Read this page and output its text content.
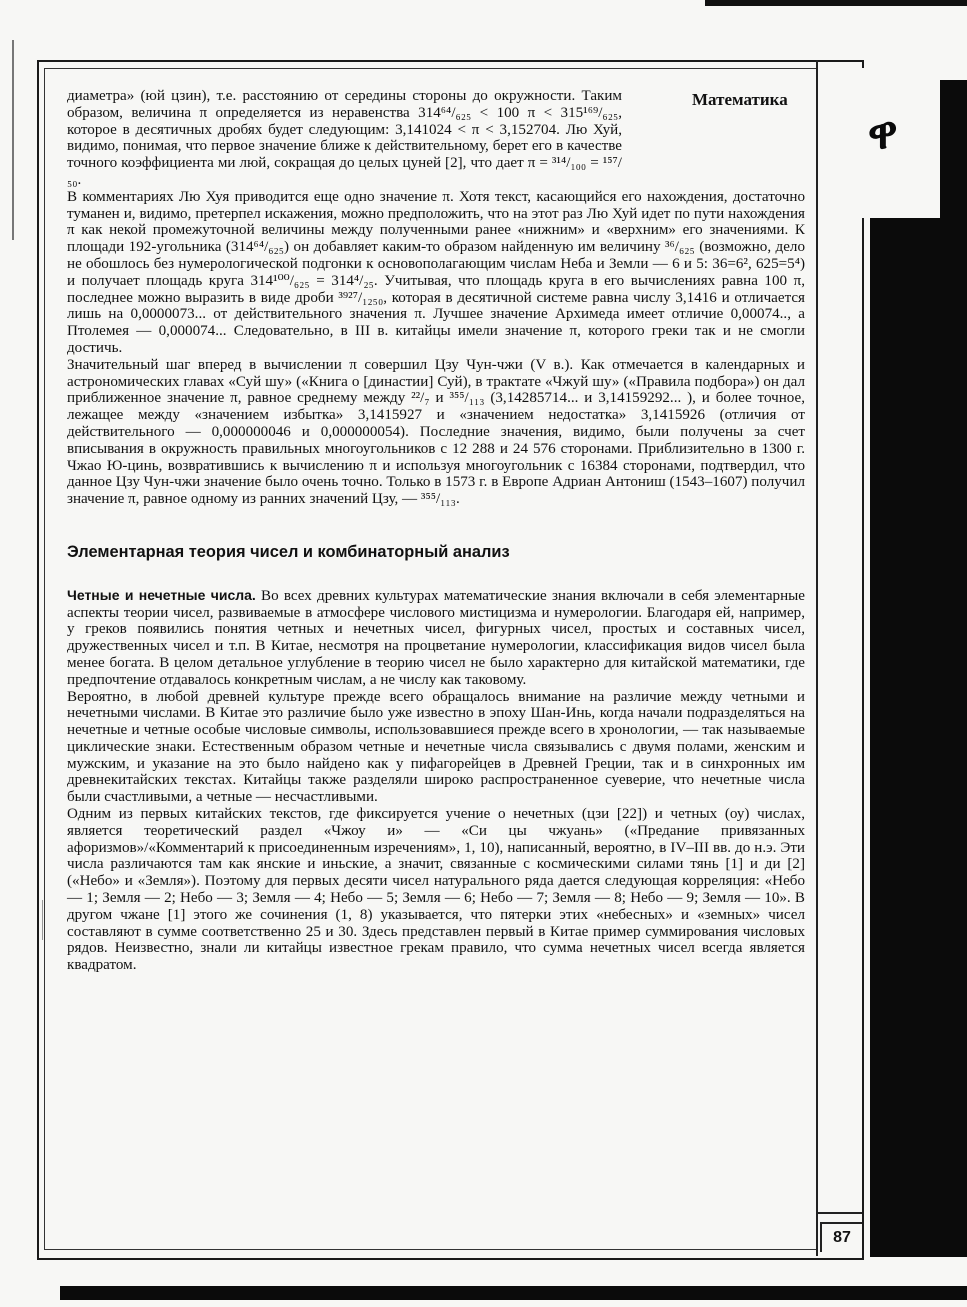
ዋ
Математика

диаметра» (юй цзин), т.е. расстоянию от середины стороны до окружности. Таким образом, величина π определяется из неравенства 314⁶⁴/₆₂₅ < 100 π < 315¹⁶⁹/₆₂₅, которое в десятичных дробях будет следующим: 3,141024 < π < 3,152704. Лю Хуй, видимо, понимая, что первое значение ближе к действительному, берет его в качестве точного коэффициента ми люй, сокращая до целых цуней [2], что дает π = ³¹⁴/₁₀₀ = ¹⁵⁷/₅₀.

В комментариях Лю Хуя приводится еще одно значение π. Хотя текст, касающийся его нахождения, достаточно туманен и, видимо, претерпел искажения, можно предположить, что на этот раз Лю Хуй идет по пути нахождения π как некой промежуточной величины между полученными ранее «нижним» и «верхним» его значениями. К площади 192-угольника (314⁶⁴/₆₂₅) он добавляет каким-то образом найденную им величину ³⁶/₆₂₅ (возможно, дело не обошлось без нумерологической подгонки к основополагающим числам Неба и Земли — 6 и 5: 36=6², 625=5⁴) и получает площадь круга 314¹⁰⁰/₆₂₅ = 314⁴/₂₅. Учитывая, что площадь круга в его вычислениях равна 100 π, последнее можно выразить в виде дроби ³⁹²⁷/₁₂₅₀, которая в десятичной системе равна числу 3,1416 и отличается лишь на 0,0000073... от действительного значения π. Лучшее значение Архимеда имеет отличие 0,00074.., а Птолемея — 0,000074... Следовательно, в III в. китайцы имели значение π, которого греки так и не смогли достичь.

Значительный шаг вперед в вычислении π совершил Цзу Чун-чжи (V в.). Как отмечается в календарных и астрономических главах «Суй шу» («Книга о [династии] Суй), в трактате «Чжуй шу» («Правила подбора») он дал приближенное значение π, равное среднему между ²²/₇ и ³⁵⁵/₁₁₃ (3,14285714... и 3,14159292... ), и более точное, лежащее между «значением избытка» 3,1415927 и «значением недостатка» 3,1415926 (отличия от действительного — 0,000000046 и 0,000000054). Последние значения, видимо, были получены за счет вписывания в окружность правильных многоугольников с 12 288 и 24 576 сторонами. Приблизительно в 1300 г. Чжао Ю-цинь, возвратившись к вычислению π и используя многоугольник с 16384 сторонами, подтвердил, что данное Цзу Чун-чжи значение было очень точно. Только в 1573 г. в Европе Адриан Антониш (1543–1607) получил значение π, равное одному из ранних значений Цзу, — ³⁵⁵/₁₁₃.

Элементарная теория чисел и комбинаторный анализ

Четные и нечетные числа. Во всех древних культурах математические знания включали в себя элементарные аспекты теории чисел, развиваемые в атмосфере числового мистицизма и нумерологии. Благодаря ей, например, у греков появились понятия четных и нечетных чисел, фигурных чисел, простых и составных чисел, дружественных чисел и т.п. В Китае, несмотря на процветание нумерологии, классификация видов чисел была менее богата. В целом детальное углубление в теорию чисел не было характерно для китайской математики, где предпочтение отдавалось конкретным числам, а не числу как таковому.

Вероятно, в любой древней культуре прежде всего обращалось внимание на различие между четными и нечетными числами. В Китае это различие было уже известно в эпоху Шан-Инь, когда начали подразделяться на нечетные и четные особые числовые символы, использовавшиеся прежде всего в хронологии, — так называемые циклические знаки. Естественным образом четные и нечетные числа связывались с двумя полами, женским и мужским, и указание на это было найдено как у пифагорейцев в Древней Греции, так и в синхронных им древнекитайских текстах. Китайцы также разделяли широко распространенное суеверие, что нечетные числа были счастливыми, а четные — несчастливыми.

Одним из первых китайских текстов, где фиксируется учение о нечетных (цзи [22]) и четных (оу) числах, является теоретический раздел «Чжоу и» — «Си цы чжуань» («Предание привязанных афоризмов»/«Комментарий к присоединенным изречениям», 1, 10), написанный, вероятно, в IV–III вв. до н.э. Эти числа различаются там как янские и иньские, а значит, связанные с космическими силами тянь [1] и ди [2] («Небо» и «Земля»). Поэтому для первых десяти чисел натурального ряда дается следующая корреляция: «Небо — 1; Земля — 2; Небо — 3; Земля — 4; Небо — 5; Земля — 6; Небо — 7; Земля — 8; Небо — 9; Земля — 10». В другом чжане [1] этого же сочинения (1, 8) указывается, что пятерки этих «небесных» и «земных» чисел составляют в сумме соответственно 25 и 30. Здесь представлен первый в Китае пример суммирования числовых рядов. Неизвестно, знали ли китайцы известное грекам правило, что сумма нечетных чисел всегда является квадратом.

87
